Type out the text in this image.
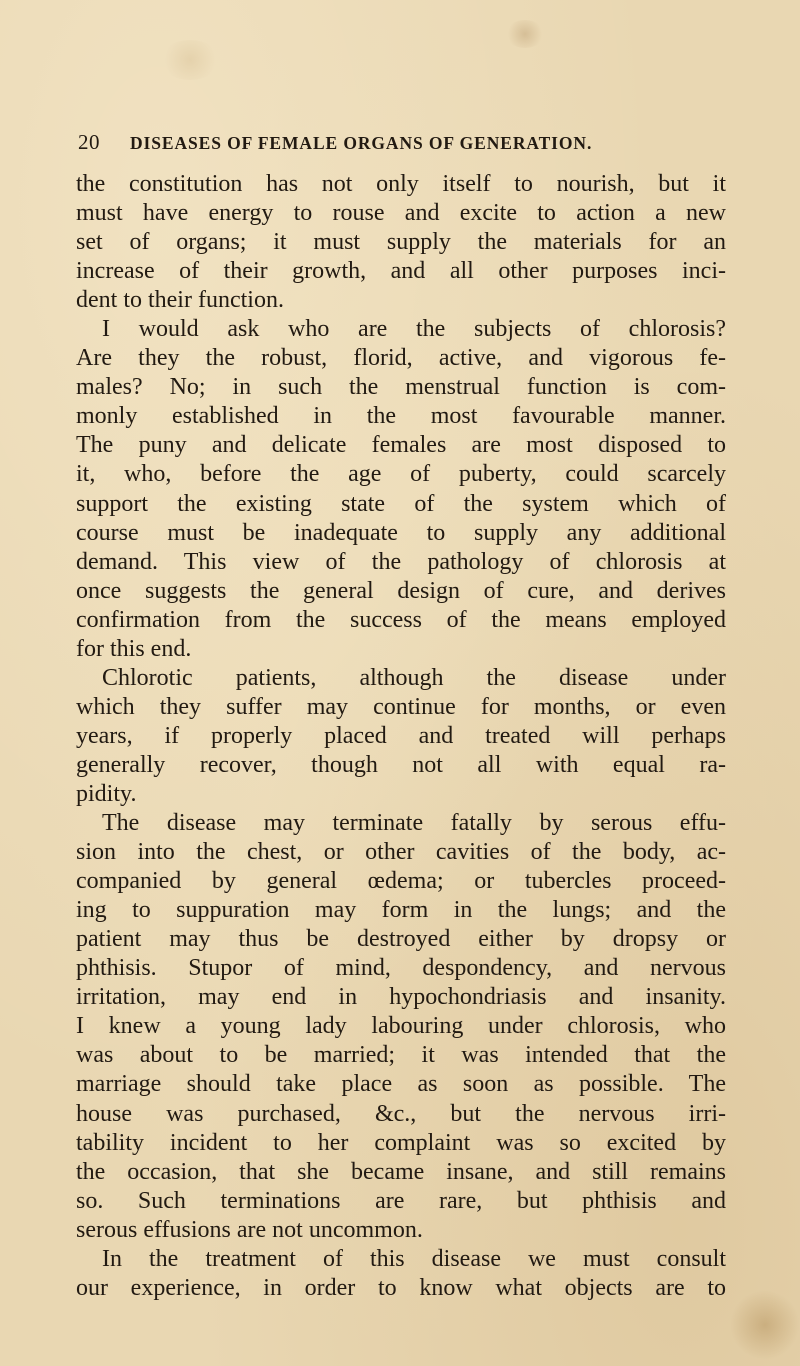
20	DISEASES OF FEMALE ORGANS OF GENERATION.
the constitution has not only itself to nourish, but it
must have energy to rouse and excite to action a new
set of organs; it must supply the materials for an
increase of their growth, and all other purposes inci-
dent to their function.
I would ask who are the subjects of chlorosis?
Are they the robust, florid, active, and vigorous fe-
males? No; in such the menstrual function is com-
monly established in the most favourable manner.
The puny and delicate females are most disposed to
it, who, before the age of puberty, could scarcely
support the existing state of the system which of
course must be inadequate to supply any additional
demand. This view of the pathology of chlorosis at
once suggests the general design of cure, and derives
confirmation from the success of the means employed
for this end.
Chlorotic patients, although the disease under
which they suffer may continue for months, or even
years, if properly placed and treated will perhaps
generally recover, though not all with equal ra-
pidity.
The disease may terminate fatally by serous effu-
sion into the chest, or other cavities of the body, ac-
companied by general œdema; or tubercles proceed-
ing to suppuration may form in the lungs; and the
patient may thus be destroyed either by dropsy or
phthisis. Stupor of mind, despondency, and nervous
irritation, may end in hypochondriasis and insanity.
I knew a young lady labouring under chlorosis, who
was about to be married; it was intended that the
marriage should take place as soon as possible. The
house was purchased, &c., but the nervous irri-
tability incident to her complaint was so excited by
the occasion, that she became insane, and still remains
so. Such terminations are rare, but phthisis and
serous effusions are not uncommon.
In the treatment of this disease we must consult
our experience, in order to know what objects are to
